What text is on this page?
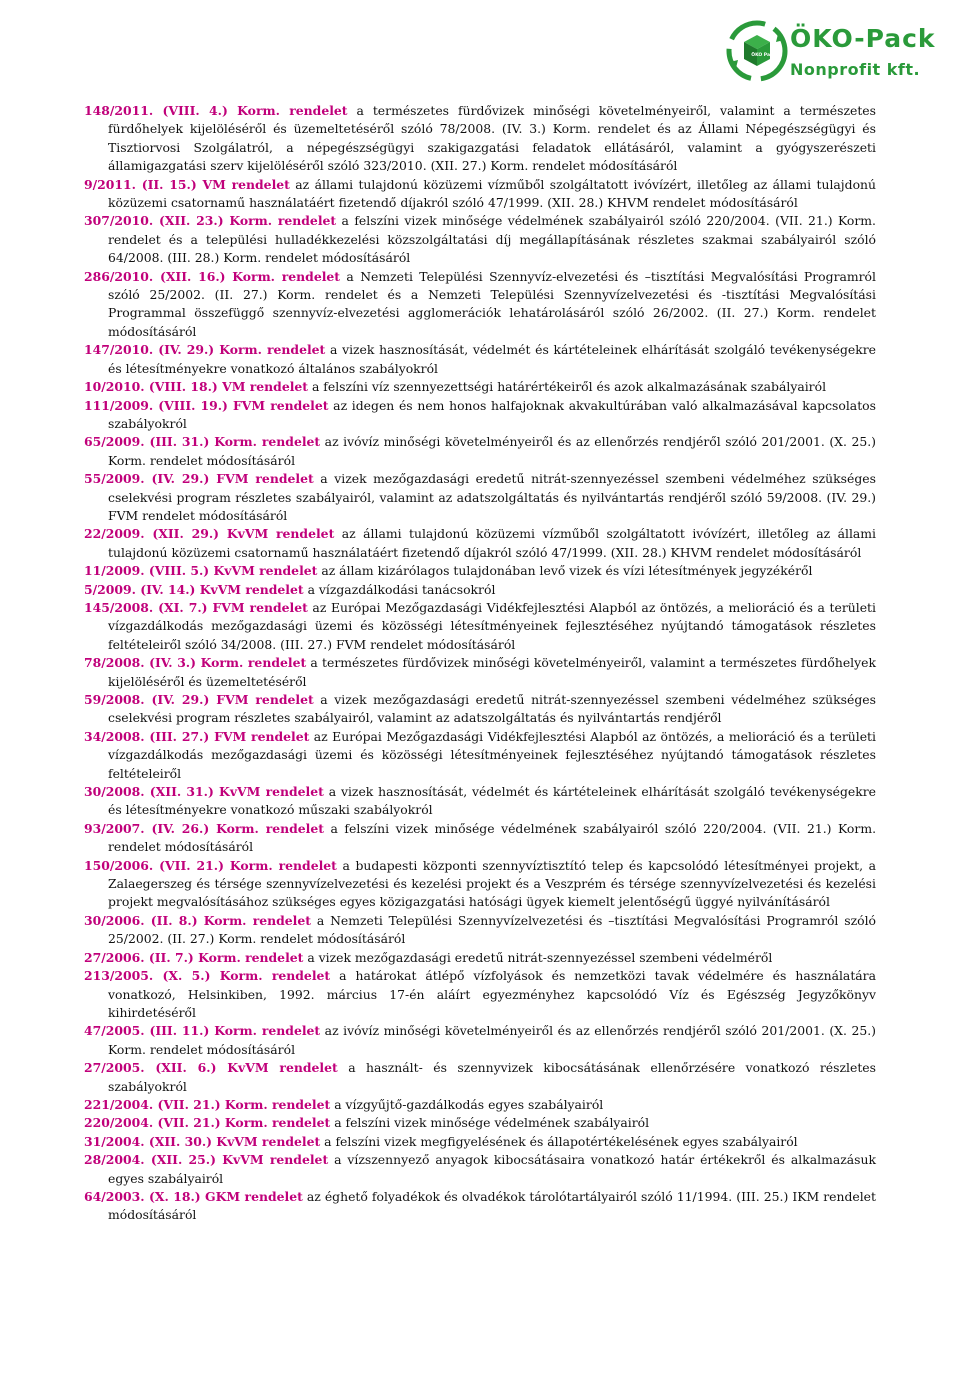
ÖKO Pack
ÖKO-Pack
Nonprofit kft.

148/2011. (VIII. 4.) Korm. rendelet a természetes fürdővizek minőségi követelményeiről, valamint a természetes fürdőhelyek kijelöléséről és üzemeltetéséről szóló 78/2008. (IV. 3.) Korm. rendelet és az Állami Népegészségügyi és Tisztiorvosi Szolgálatról, a népegészségügyi szakigazgatási feladatok ellátásáról, valamint a gyógyszerészeti államigazgatási szerv kijelöléséről szóló 323/2010. (XII. 27.) Korm. rendelet módosításáról

9/2011. (II. 15.) VM rendelet az állami tulajdonú közüzemi vízműből szolgáltatott ivóvízért, illetőleg az állami tulajdonú közüzemi csatornamű használatáért fizetendő díjakról szóló 47/1999. (XII. 28.) KHVM rendelet módosításáról

307/2010. (XII. 23.) Korm. rendelet a felszíni vizek minősége védelmének szabályairól szóló 220/2004. (VII. 21.) Korm. rendelet és a települési hulladékkezelési közszolgáltatási díj megállapításának részletes szakmai szabályairól szóló 64/2008. (III. 28.) Korm. rendelet módosításáról

286/2010. (XII. 16.) Korm. rendelet a Nemzeti Települési Szennyvíz-elvezetési és –tisztítási Megvalósítási Programról szóló 25/2002. (II. 27.) Korm. rendelet és a Nemzeti Települési Szennyvízelvezetési és -tisztítási Megvalósítási Programmal összefüggő szennyvíz-elvezetési agglomerációk lehatárolásáról szóló 26/2002. (II. 27.) Korm. rendelet módosításáról

147/2010. (IV. 29.) Korm. rendelet a vizek hasznosítását, védelmét és kártételeinek elhárítását szolgáló tevékenységekre és létesítményekre vonatkozó általános szabályokról

10/2010. (VIII. 18.) VM rendelet a felszíni víz szennyezettségi határértékeiről és azok alkalmazásának szabályairól

111/2009. (VIII. 19.) FVM rendelet az idegen és nem honos halfajoknak akvakultúrában való alkalmazásával kapcsolatos szabályokról

65/2009. (III. 31.) Korm. rendelet az ivóvíz minőségi követelményeiről és az ellenőrzés rendjéről szóló 201/2001. (X. 25.) Korm. rendelet módosításáról

55/2009. (IV. 29.) FVM rendelet a vizek mezőgazdasági eredetű nitrát-szennyezéssel szembeni védelméhez szükséges cselekvési program részletes szabályairól, valamint az adatszolgáltatás és nyilvántartás rendjéről szóló 59/2008. (IV. 29.) FVM rendelet módosításáról

22/2009. (XII. 29.) KvVM rendelet az állami tulajdonú közüzemi vízműből szolgáltatott ivóvízért, illetőleg az állami tulajdonú közüzemi csatornamű használatáért fizetendő díjakról szóló 47/1999. (XII. 28.) KHVM rendelet módosításáról

11/2009. (VIII. 5.) KvVM rendelet az állam kizárólagos tulajdonában levő vizek és vízi létesítmények jegyzékéről

5/2009. (IV. 14.) KvVM rendelet a vízgazdálkodási tanácsokról

145/2008. (XI. 7.) FVM rendelet az Európai Mezőgazdasági Vidékfejlesztési Alapból az öntözés, a melioráció és a területi vízgazdálkodás mezőgazdasági üzemi és közösségi létesítményeinek fejlesztéséhez nyújtandó támogatások részletes feltételeiről szóló 34/2008. (III. 27.) FVM rendelet módosításáról

78/2008. (IV. 3.) Korm. rendelet a természetes fürdővizek minőségi követelményeiről, valamint a természetes fürdőhelyek kijelöléséről és üzemeltetéséről

59/2008. (IV. 29.) FVM rendelet a vizek mezőgazdasági eredetű nitrát-szennyezéssel szembeni védelméhez szükséges cselekvési program részletes szabályairól, valamint az adatszolgáltatás és nyilvántartás rendjéről

34/2008. (III. 27.) FVM rendelet az Európai Mezőgazdasági Vidékfejlesztési Alapból az öntözés, a melioráció és a területi vízgazdálkodás mezőgazdasági üzemi és közösségi létesítményeinek fejlesztéséhez nyújtandó támogatások részletes feltételeiről

30/2008. (XII. 31.) KvVM rendelet a vizek hasznosítását, védelmét és kártételeinek elhárítását szolgáló tevékenységekre és létesítményekre vonatkozó műszaki szabályokról

93/2007. (IV. 26.) Korm. rendelet a felszíni vizek minősége védelmének szabályairól szóló 220/2004. (VII. 21.) Korm. rendelet módosításáról

150/2006. (VII. 21.) Korm. rendelet a budapesti központi szennyvíztisztító telep és kapcsolódó létesítményei projekt, a Zalaegerszeg és térsége szennyvízelvezetési és kezelési projekt és a Veszprém és térsége szennyvízelvezetési és kezelési projekt megvalósításához szükséges egyes közigazgatási hatósági ügyek kiemelt jelentőségű üggyé nyilvánításáról

30/2006. (II. 8.) Korm. rendelet a Nemzeti Települési Szennyvízelvezetési és –tisztítási Megvalósítási Programról szóló 25/2002. (II. 27.) Korm. rendelet módosításáról

27/2006. (II. 7.) Korm. rendelet a vizek mezőgazdasági eredetű nitrát-szennyezéssel szembeni védelméről

213/2005. (X. 5.) Korm. rendelet a határokat átlépő vízfolyások és nemzetközi tavak védelmére és használatára vonatkozó, Helsinkiben, 1992. március 17-én aláírt egyezményhez kapcsolódó Víz és Egészség Jegyzőkönyv kihirdetéséről

47/2005. (III. 11.) Korm. rendelet az ivóvíz minőségi követelményeiről és az ellenőrzés rendjéről szóló 201/2001. (X. 25.) Korm. rendelet módosításáról

27/2005. (XII. 6.) KvVM rendelet a használt- és szennyvizek kibocsátásának ellenőrzésére vonatkozó részletes szabályokról

221/2004. (VII. 21.) Korm. rendelet a vízgyűjtő-gazdálkodás egyes szabályairól

220/2004. (VII. 21.) Korm. rendelet a felszíni vizek minősége védelmének szabályairól

31/2004. (XII. 30.) KvVM rendelet a felszíni vizek megfigyelésének és állapotértékelésének egyes szabályairól

28/2004. (XII. 25.) KvVM rendelet a vízszennyező anyagok kibocsátásaira vonatkozó határ értékekről és alkalmazásuk egyes szabályairól

64/2003. (X. 18.) GKM rendelet az éghető folyadékok és olvadékok tárolótartályairól szóló 11/1994. (III. 25.) IKM rendelet módosításáról
